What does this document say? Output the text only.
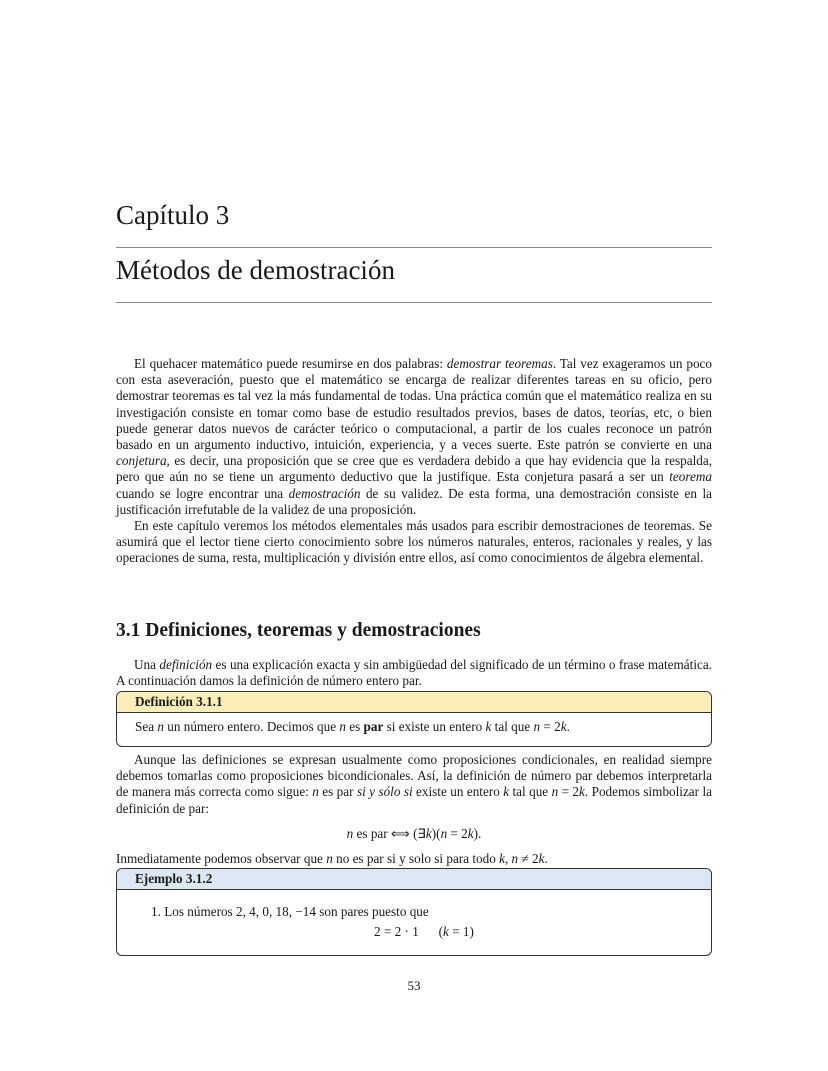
Capítulo 3
Métodos de demostración

El quehacer matemático puede resumirse en dos palabras: demostrar teoremas. Tal vez exageramos un poco con esta aseveración, puesto que el matemático se encarga de realizar diferentes tareas en su oficio, pero demostrar teoremas es tal vez la más fundamental de todas. Una práctica común que el matemático realiza en su investigación consiste en tomar como base de estudio resultados previos, bases de datos, teorías, etc, o bien puede generar datos nuevos de carácter teórico o computacional, a partir de los cuales reconoce un patrón basado en un argumento inductivo, intuición, experiencia, y a veces suerte. Este patrón se convierte en una conjetura, es decir, una proposición que se cree que es verdadera debido a que hay evidencia que la respalda, pero que aún no se tiene un argumento deductivo que la justifique. Esta conjetura pasará a ser un teorema cuando se logre encontrar una demostración de su validez. De esta forma, una demostración consiste en la justificación irrefutable de la validez de una proposición.

En este capítulo veremos los métodos elementales más usados para escribir demostraciones de teoremas. Se asumirá que el lector tiene cierto conocimiento sobre los números naturales, enteros, racionales y reales, y las operaciones de suma, resta, multiplicación y división entre ellos, así como conocimientos de álgebra elemental.

3.1 Definiciones, teoremas y demostraciones

Una definición es una explicación exacta y sin ambigüedad del significado de un término o frase matemática. A continuación damos la definición de número entero par.

Definición 3.1.1
Sea n un número entero. Decimos que n es par si existe un entero k tal que n = 2k.

Aunque las definiciones se expresan usualmente como proposiciones condicionales, en realidad siempre debemos tomarlas como proposiciones bicondicionales. Así, la definición de número par debemos interpretarla de manera más correcta como sigue: n es par si y sólo si existe un entero k tal que n = 2k. Podemos simbolizar la definición de par:

n es par ⟺ (∃k)(n = 2k).

Inmediatamente podemos observar que n no es par si y solo si para todo k, n ≠ 2k.

Ejemplo 3.1.2
1. Los números 2, 4, 0, 18, −14 son pares puesto que
2 = 2 · 1 (k = 1)
53
